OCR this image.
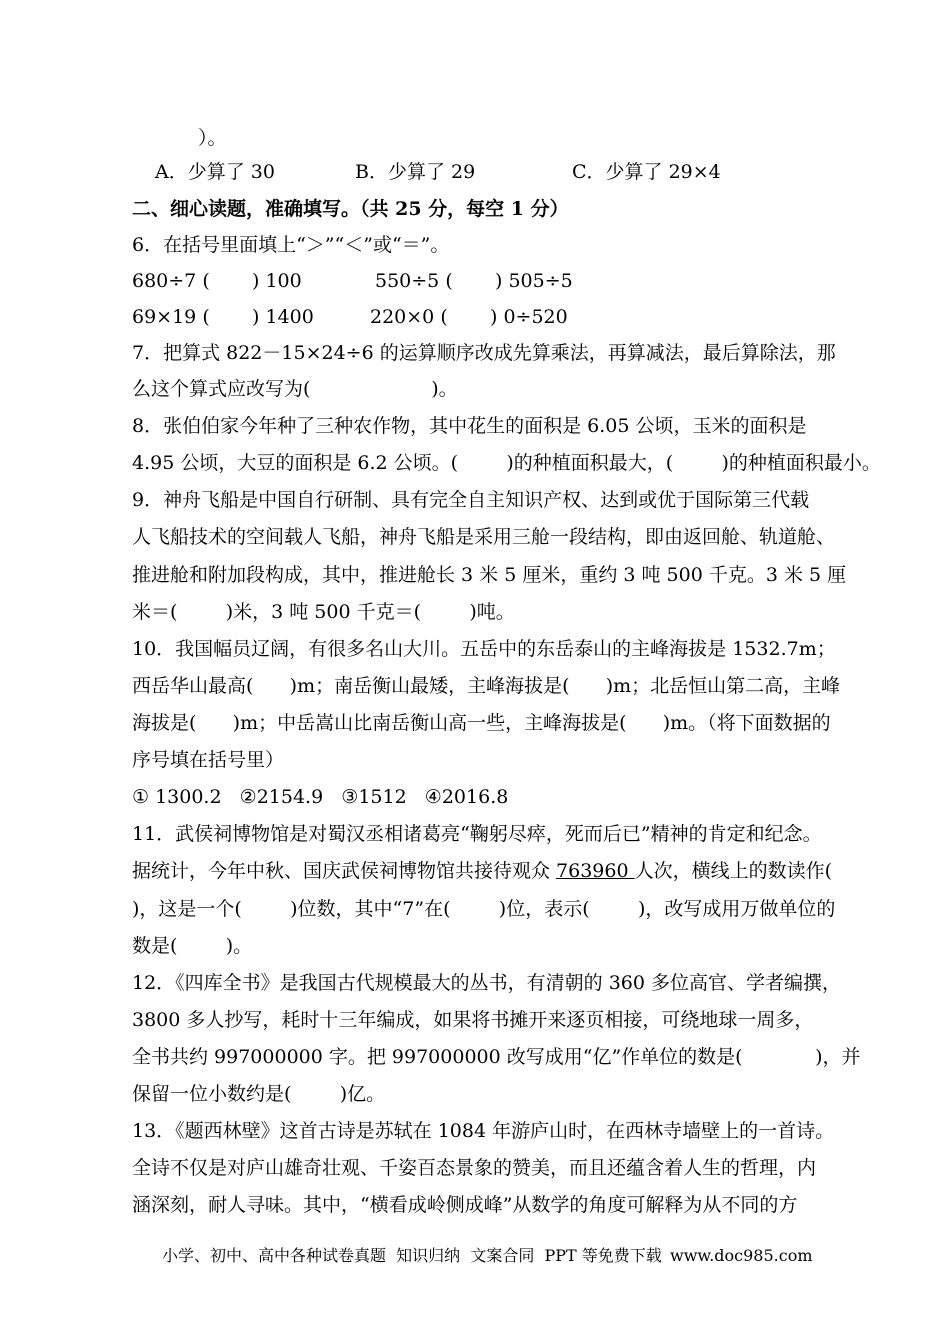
）。
A．少算了 30	B．少算了 29	C．少算了 29×4
二、细心读题，准确填写。（共 25 分，每空 1 分）
6．在括号里面填上“＞”“＜”或“＝”。
680÷7 (       ) 100	550÷5 (       ) 505÷5
69×19 (       ) 1400	220×0 (       ) 0÷520
7．把算式 822－15×24÷6 的运算顺序改成先算乘法，再算减法，最后算除法，那
么这个算式应改写为(                    )。
8．张伯伯家今年种了三种农作物，其中花生的面积是 6.05 公顷，玉米的面积是
4.95 公顷，大豆的面积是 6.2 公顷。(        )的种植面积最大，(        )的种植面积最小。
9．神舟飞船是中国自行研制、具有完全自主知识产权、达到或优于国际第三代载
人飞船技术的空间载人飞船，神舟飞船是采用三舱一段结构，即由返回舱、轨道舱、
推进舱和附加段构成，其中，推进舱长 3 米 5 厘米，重约 3 吨 500 千克。3 米 5 厘
米＝(        )米，3 吨 500 千克＝(        )吨。
10．我国幅员辽阔，有很多名山大川。五岳中的东岳泰山的主峰海拔是 1532.7m；
西岳华山最高(      )m；南岳衡山最矮，主峰海拔是(      )m；北岳恒山第二高，主峰
海拔是(      )m；中岳嵩山比南岳衡山高一些，主峰海拔是(      )m。（将下面数据的
序号填在括号里）
① 1300.2   ②2154.9   ③1512   ④2016.8
11．武侯祠博物馆是对蜀汉丞相诸葛亮“鞠躬尽瘁，死而后已”精神的肯定和纪念。
据统计，今年中秋、国庆武侯祠博物馆共接待观众 763960 人次，横线上的数读作(
)，这是一个(        )位数，其中“7”在(        )位，表示(        )，改写成用万做单位的
数是(        )。
12．《四库全书》是我国古代规模最大的丛书，有清朝的 360 多位高官、学者编撰，
3800 多人抄写，耗时十三年编成，如果将书摊开来逐页相接，可绕地球一周多，
全书共约 997000000 字。把 997000000 改写成用“亿”作单位的数是(            )，并
保留一位小数约是(        )亿。
13．《题西林壁》这首古诗是苏轼在 1084 年游庐山时，在西林寺墙壁上的一首诗。
全诗不仅是对庐山雄奇壮观、千姿百态景象的赞美，而且还蕴含着人生的哲理，内
涵深刻，耐人寻味。其中，“横看成岭侧成峰”从数学的角度可解释为从不同的方
小学、初中、高中各种试卷真题  知识归纳  文案合同  PPT 等免费下载 www.doc985.com
